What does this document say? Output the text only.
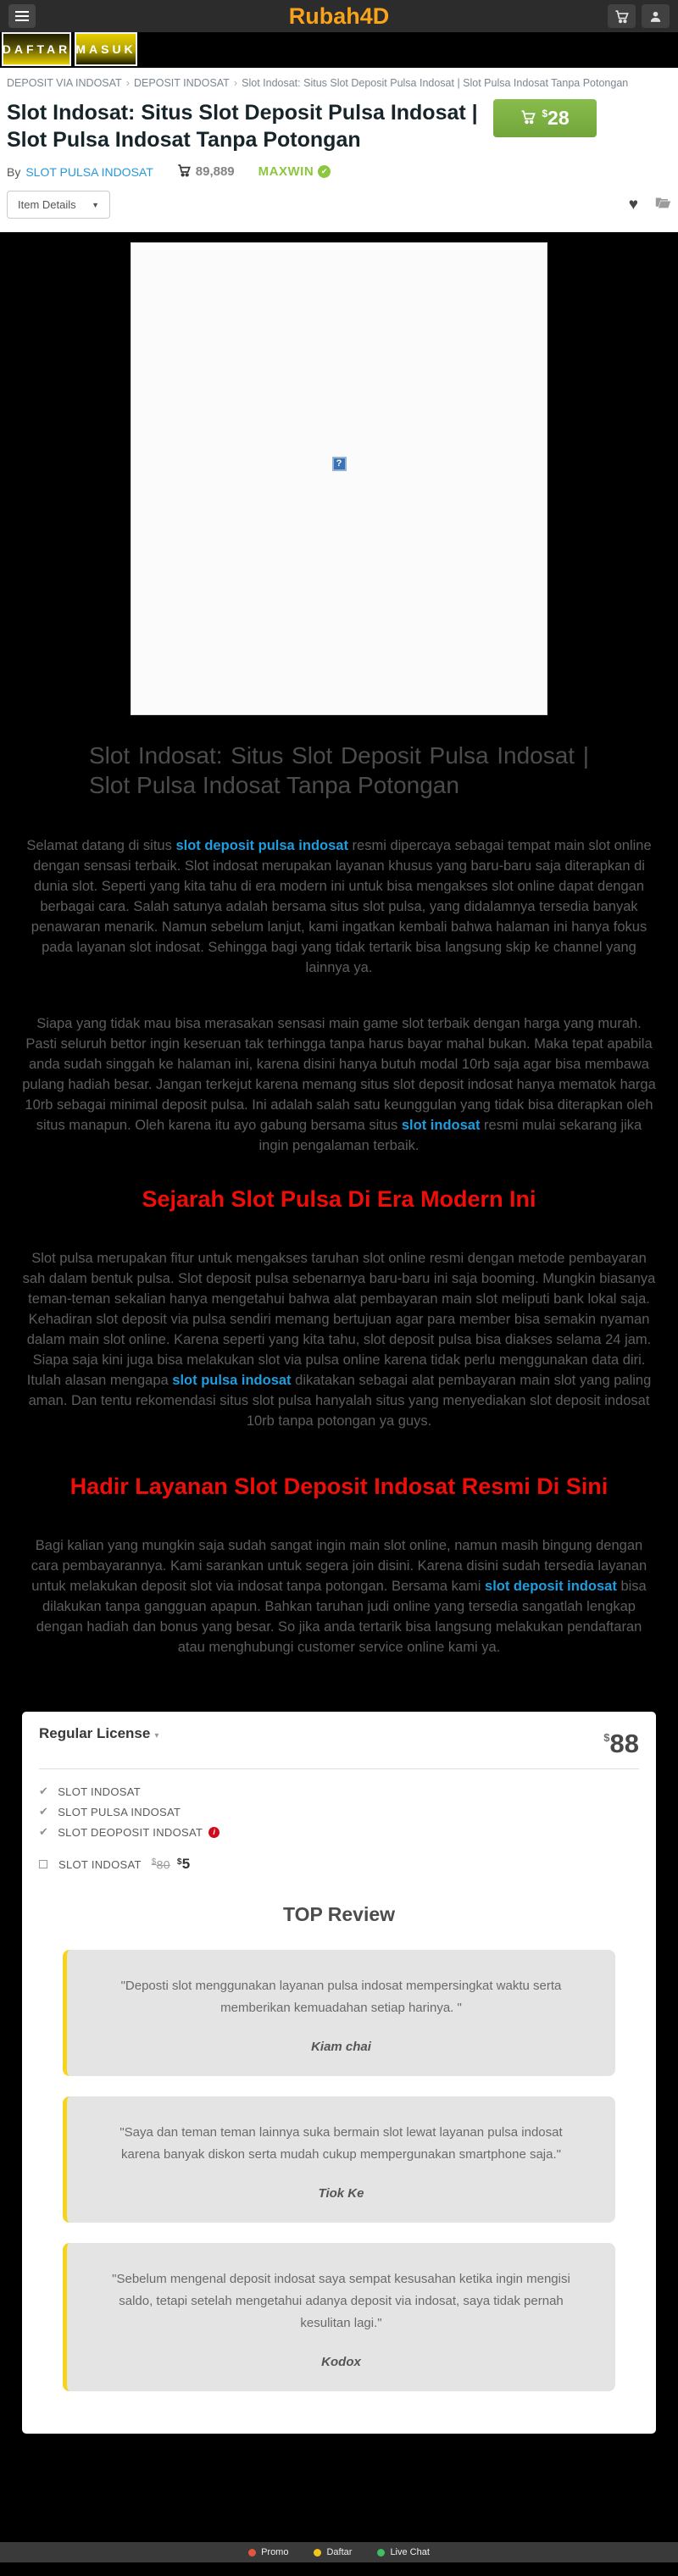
Rubah4D
DAFTAR MASUK
DEPOSIT VIA INDOSAT › DEPOSIT INDOSAT › Slot Indosat: Situs Slot Deposit Pulsa Indosat | Slot Pulsa Indosat Tanpa Potongan
Slot Indosat: Situs Slot Deposit Pulsa Indosat | Slot Pulsa Indosat Tanpa Potongan
$28
By SLOT PULSA INDOSAT	89,889 MAXWIN ✔
Item Details ▼	♥
?
Slot Indosat: Situs Slot Deposit Pulsa Indosat | Slot Pulsa Indosat Tanpa Potongan

Selamat datang di situs slot deposit pulsa indosat resmi dipercaya sebagai tempat main slot online dengan sensasi terbaik. Slot indosat merupakan layanan khusus yang baru-baru saja diterapkan di dunia slot. Seperti yang kita tahu di era modern ini untuk bisa mengakses slot online dapat dengan berbagai cara. Salah satunya adalah bersama situs slot pulsa, yang didalamnya tersedia banyak penawaran menarik. Namun sebelum lanjut, kami ingatkan kembali bahwa halaman ini hanya fokus pada layanan slot indosat. Sehingga bagi yang tidak tertarik bisa langsung skip ke channel yang lainnya ya.

Siapa yang tidak mau bisa merasakan sensasi main game slot terbaik dengan harga yang murah. Pasti seluruh bettor ingin keseruan tak terhingga tanpa harus bayar mahal bukan. Maka tepat apabila anda sudah singgah ke halaman ini, karena disini hanya butuh modal 10rb saja agar bisa membawa pulang hadiah besar. Jangan terkejut karena memang situs slot deposit indosat hanya mematok harga 10rb sebagai minimal deposit pulsa. Ini adalah salah satu keunggulan yang tidak bisa diterapkan oleh situs manapun. Oleh karena itu ayo gabung bersama situs slot indosat resmi mulai sekarang jika ingin pengalaman terbaik.

Sejarah Slot Pulsa Di Era Modern Ini

Slot pulsa merupakan fitur untuk mengakses taruhan slot online resmi dengan metode pembayaran sah dalam bentuk pulsa. Slot deposit pulsa sebenarnya baru-baru ini saja booming. Mungkin biasanya teman-teman sekalian hanya mengetahui bahwa alat pembayaran main slot meliputi bank lokal saja. Kehadiran slot deposit via pulsa sendiri memang bertujuan agar para member bisa semakin nyaman dalam main slot online. Karena seperti yang kita tahu, slot deposit pulsa bisa diakses selama 24 jam. Siapa saja kini juga bisa melakukan slot via pulsa online karena tidak perlu menggunakan data diri. Itulah alasan mengapa slot pulsa indosat dikatakan sebagai alat pembayaran main slot yang paling aman. Dan tentu rekomendasi situs slot pulsa hanyalah situs yang menyediakan slot deposit indosat 10rb tanpa potongan ya guys.

Hadir Layanan Slot Deposit Indosat Resmi Di Sini

Bagi kalian yang mungkin saja sudah sangat ingin main slot online, namun masih bingung dengan cara pembayarannya. Kami sarankan untuk segera join disini. Karena disini sudah tersedia layanan untuk melakukan deposit slot via indosat tanpa potongan. Bersama kami slot deposit indosat bisa dilakukan tanpa gangguan apapun. Bahkan taruhan judi online yang tersedia sangatlah lengkap dengan hadiah dan bonus yang besar. So jika anda tertarik bisa langsung melakukan pendaftaran atau menghubungi customer service online kami ya.

Regular License ▾	$88
✔ SLOT INDOSAT
✔ SLOT PULSA INDOSAT
✔ SLOT DEOPOSIT INDOSAT	i
SLOT INDOSAT $80 $5
TOP Review
"Deposti slot menggunakan layanan pulsa indosat mempersingkat waktu serta memberikan kemuadahan setiap harinya. "
Kiam chai
"Saya dan teman teman lainnya suka bermain slot lewat layanan pulsa indosat karena banyak diskon serta mudah cukup mempergunakan smartphone saja."
Tiok Ke
"Sebelum mengenal deposit indosat saya sempat kesusahan ketika ingin mengisi saldo, tetapi setelah mengetahui adanya deposit via indosat, saya tidak pernah kesulitan lagi."
Kodox
Promo	Daftar	Live Chat
